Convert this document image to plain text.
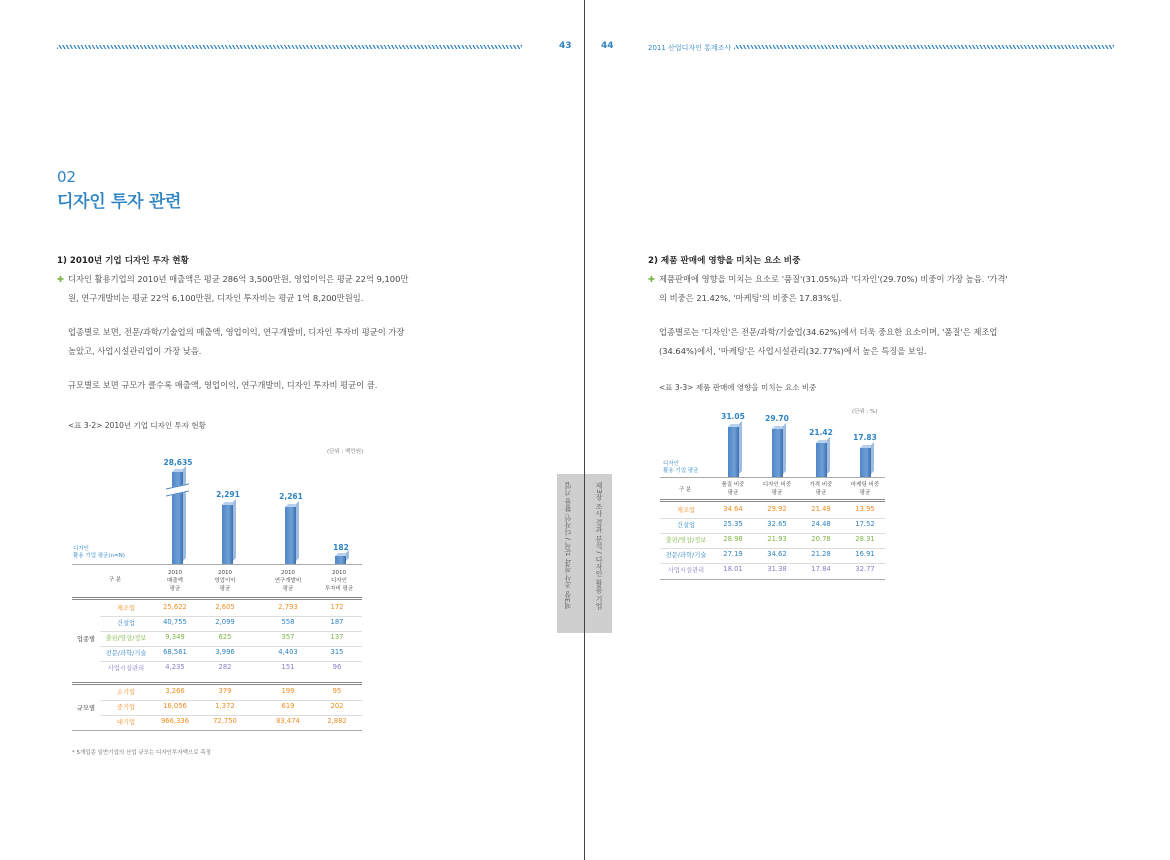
43	44	2011 산업디자인 통계조사
02
디자인 투자 관련
1) 2010년 기업 디자인 투자 현황
✚ 디자인 활용기업의 2010년 매출액은 평균 286억 3,500만원, 영업이익은 평균 22억 9,100만
원, 연구개발비는 평균 22억 6,100만원, 디자인 투자비는 평균 1억 8,200만원임.
업종별로 보면, 전문/과학/기술업의 매출액, 영업이익, 연구개발비, 디자인 투자비 평균이 가장
높았고, 사업시설관리업이 가장 낮음.
규모별로 보면 규모가 클수록 매출액, 영업이익, 연구개발비, 디자인 투자비 평균이 큼.
<표 3-2> 2010년 기업 디자인 투자 현황
(단위 : 백만원)
디자인
활용 기업 평균(n=N)
28,635
2,291	2,261
182
구 분
2010
매출액
평균
2010
영업이익
평균
2010
연구개발비
평균
2010
디자인
투자비 평균
업종별
규모별
제조업	25,622	2,605	2,793	172
건설업	40,755	2,099	558	187
출판/영상/정보	9,349	625	357	137
전문/과학/기술	68,561	3,996	4,403	315
사업시설관리	4,235	282	151	96
소기업	3,266	379	199	95
중기업	16,056	1,372	619	202
대기업	966,336	72,750	83,474	2,882
* 5개업종 일반기업의 산업 규모는 디자인투자액으로 측정
제3장 조사 결과 분석 / 디자인 활용 기업	제3장 조사 결과 분석 / 디자인 활용 기업
2) 제품 판매에 영향을 미치는 요소 비중
✚ 제품판매에 영향을 미치는 요소로 '품질'(31.05%)과 '디자인'(29.70%) 비중이 가장 높음. '가격'
의 비중은 21.42%, '마케팅'의 비중은 17.83%임.
업종별로는 '디자인'은 전문/과학/기술업(34.62%)에서 더욱 중요한 요소이며, '품질'은 제조업
(34.64%)에서, '마케팅'은 사업시설관리(32.77%)에서 높은 특징을 보임.
<표 3-3> 제품 판매에 영향을 미치는 요소 비중
(단위 : %)
디자인
활용 기업 평균
31.05	29.70
21.42
17.83
구 분
품질 비중
평균
디자인 비중
평균
가격 비중
평균
마케팅 비중
평균
제조업	34.64	29.92	21.49	13.95
건설업	25.35	32.65	24.48	17.52
출판/영상/정보	28.98	21.93	20.78	28.31
전문/과학/기술	27.19	34.62	21.28	16.91
사업시설관리	18.01	31.38	17.84	32.77
